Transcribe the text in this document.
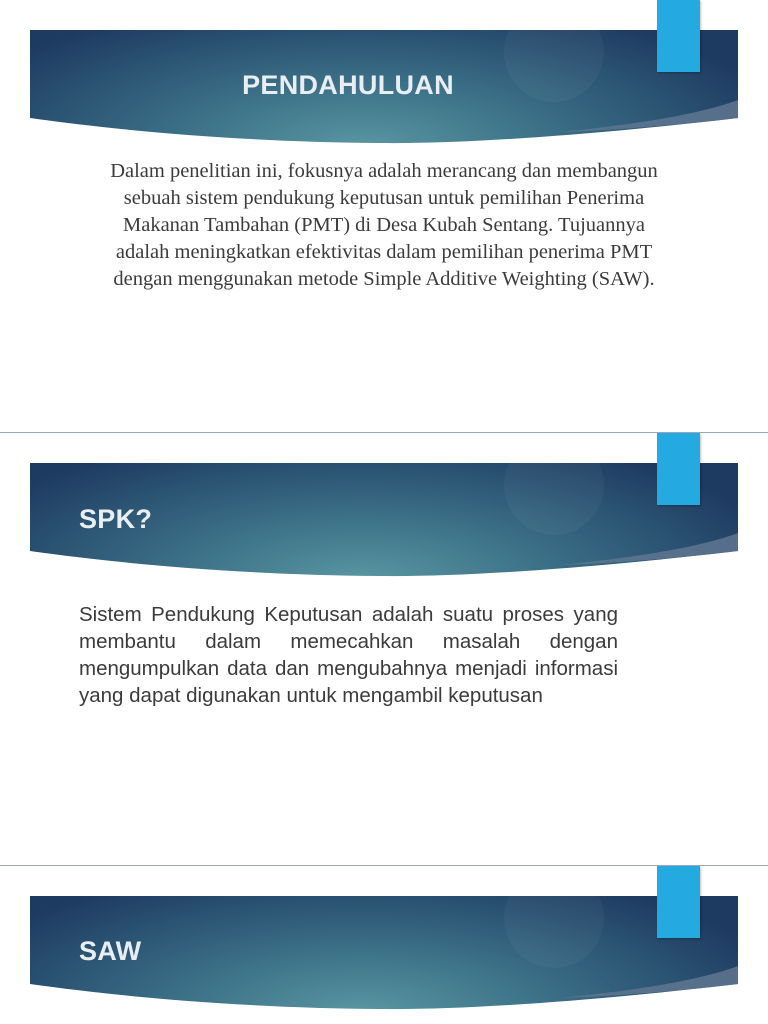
PENDAHULUAN

Dalam penelitian ini, fokusnya adalah merancang dan membangun sebuah sistem pendukung keputusan untuk pemilihan Penerima Makanan Tambahan (PMT) di Desa Kubah Sentang. Tujuannya adalah meningkatkan efektivitas dalam pemilihan penerima PMT dengan menggunakan metode Simple Additive Weighting (SAW).

SPK?

Sistem Pendukung Keputusan adalah suatu proses yang membantu dalam memecahkan masalah dengan mengumpulkan data dan mengubahnya menjadi informasi yang dapat digunakan untuk mengambil keputusan

SAW
